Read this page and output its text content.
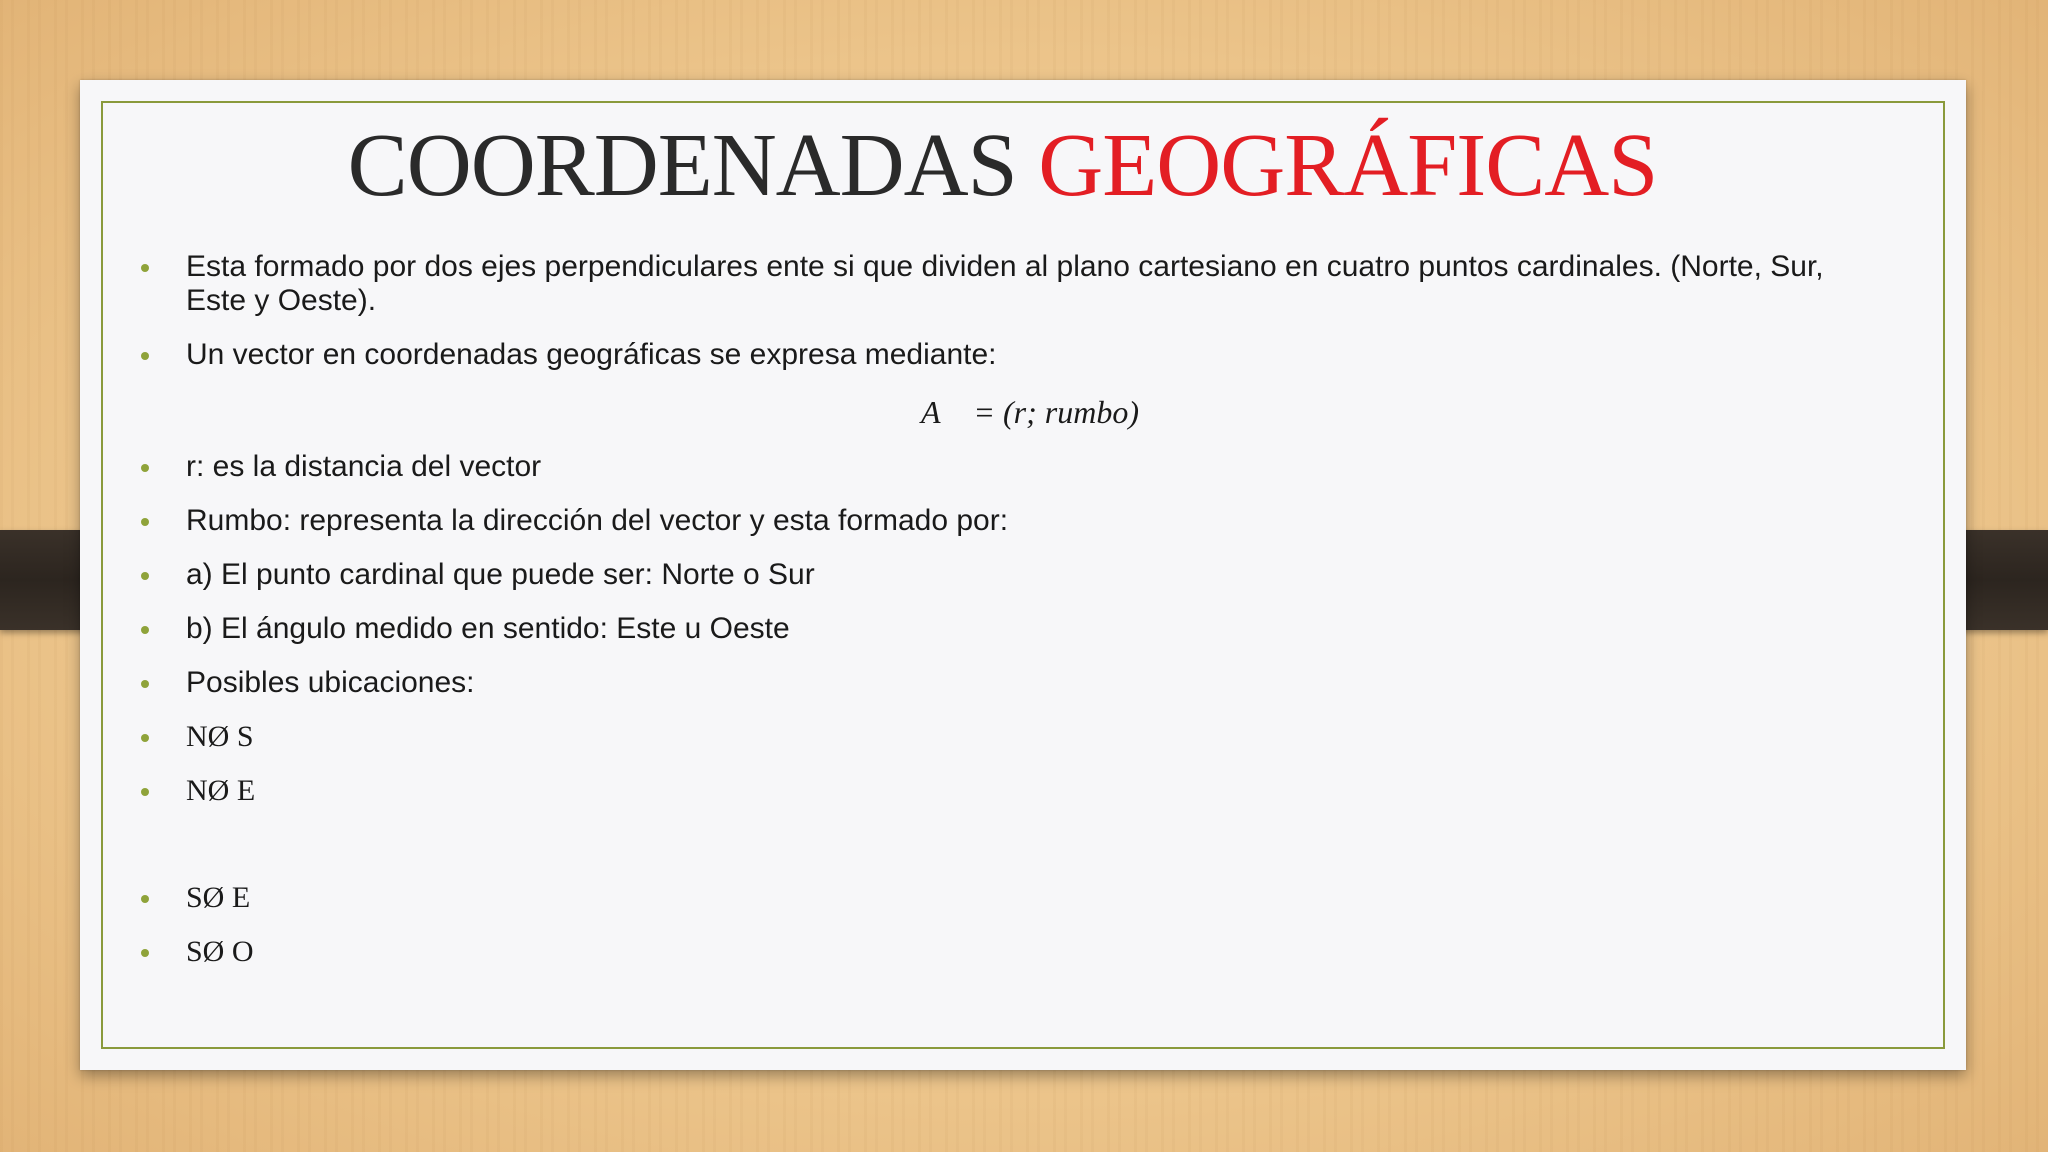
COORDENADAS GEOGRÁFICAS
Esta formado por dos ejes perpendiculares ente si que dividen al plano cartesiano en cuatro puntos cardinales. (Norte, Sur, Este y Oeste).
Un vector en coordenadas geográficas se expresa mediante:
A⃗ = (r; rumbo)
r: es la distancia del vector
Rumbo: representa la dirección del vector y esta formado por:
a) El punto cardinal que puede ser: Norte o Sur
b) El ángulo medido en sentido: Este u Oeste
Posibles ubicaciones:
NØ S
NØ E
SØ E
SØ O
